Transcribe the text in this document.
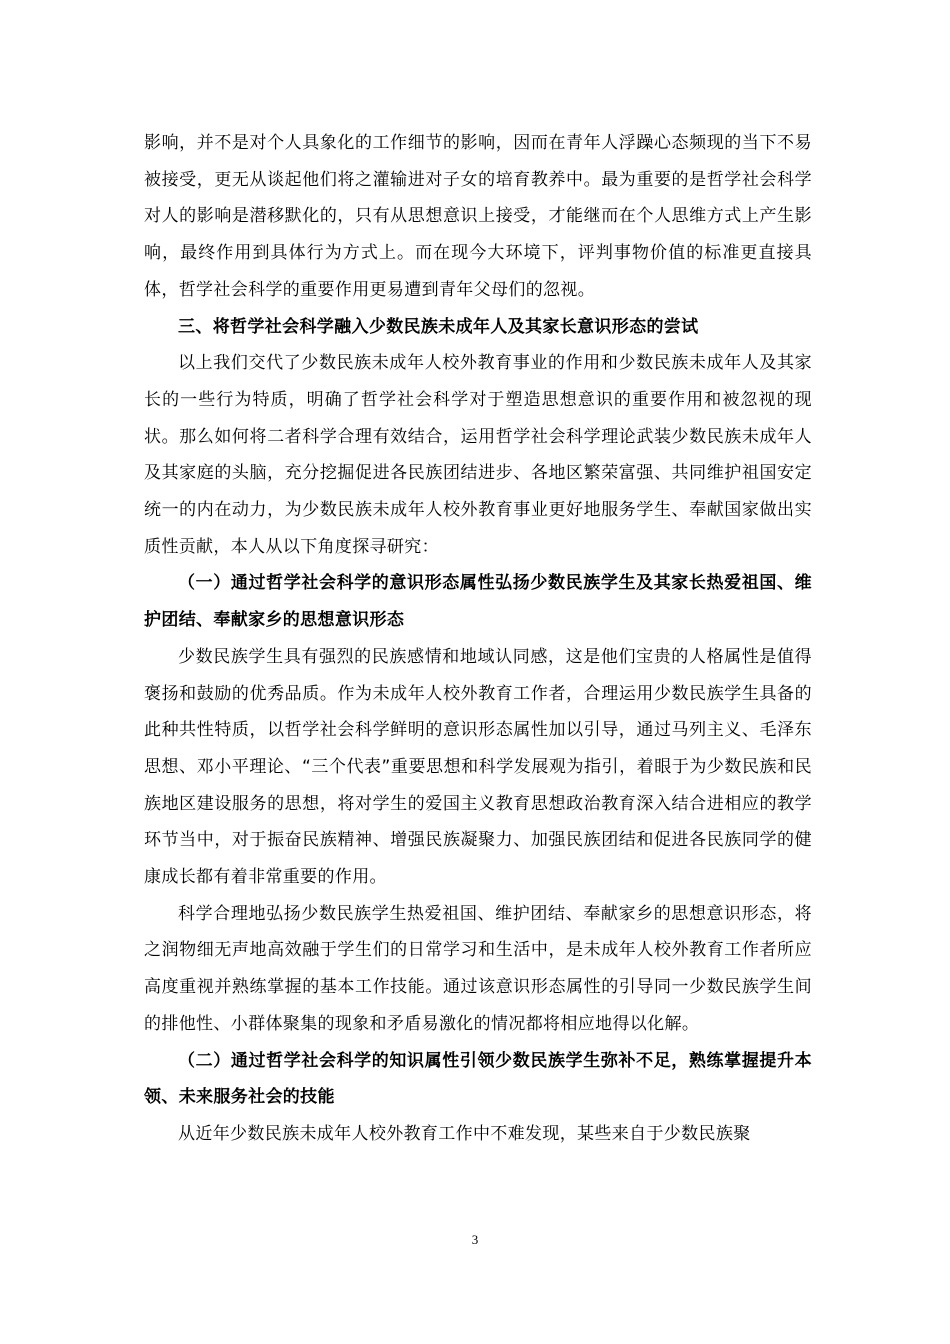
影响，并不是对个人具象化的工作细节的影响，因而在青年人浮躁心态频现的当下不易被接受，更无从谈起他们将之灌输进对子女的培育教养中。最为重要的是哲学社会科学对人的影响是潜移默化的，只有从思想意识上接受，才能继而在个人思维方式上产生影响，最终作用到具体行为方式上。而在现今大环境下，评判事物价值的标准更直接具体，哲学社会科学的重要作用更易遭到青年父母们的忽视。

三、将哲学社会科学融入少数民族未成年人及其家长意识形态的尝试

以上我们交代了少数民族未成年人校外教育事业的作用和少数民族未成年人及其家长的一些行为特质，明确了哲学社会科学对于塑造思想意识的重要作用和被忽视的现状。那么如何将二者科学合理有效结合，运用哲学社会科学理论武装少数民族未成年人及其家庭的头脑，充分挖掘促进各民族团结进步、各地区繁荣富强、共同维护祖国安定统一的内在动力，为少数民族未成年人校外教育事业更好地服务学生、奉献国家做出实质性贡献，本人从以下角度探寻研究：

（一）通过哲学社会科学的意识形态属性弘扬少数民族学生及其家长热爱祖国、维护团结、奉献家乡的思想意识形态

少数民族学生具有强烈的民族感情和地域认同感，这是他们宝贵的人格属性是值得褒扬和鼓励的优秀品质。作为未成年人校外教育工作者，合理运用少数民族学生具备的此种共性特质，以哲学社会科学鲜明的意识形态属性加以引导，通过马列主义、毛泽东思想、邓小平理论、“三个代表”重要思想和科学发展观为指引，着眼于为少数民族和民族地区建设服务的思想，将对学生的爱国主义教育思想政治教育深入结合进相应的教学环节当中，对于振奋民族精神、增强民族凝聚力、加强民族团结和促进各民族同学的健康成长都有着非常重要的作用。

科学合理地弘扬少数民族学生热爱祖国、维护团结、奉献家乡的思想意识形态，将之润物细无声地高效融于学生们的日常学习和生活中，是未成年人校外教育工作者所应高度重视并熟练掌握的基本工作技能。通过该意识形态属性的引导同一少数民族学生间的排他性、小群体聚集的现象和矛盾易激化的情况都将相应地得以化解。

（二）通过哲学社会科学的知识属性引领少数民族学生弥补不足，熟练掌握提升本领、未来服务社会的技能

从近年少数民族未成年人校外教育工作中不难发现，某些来自于少数民族聚

3
